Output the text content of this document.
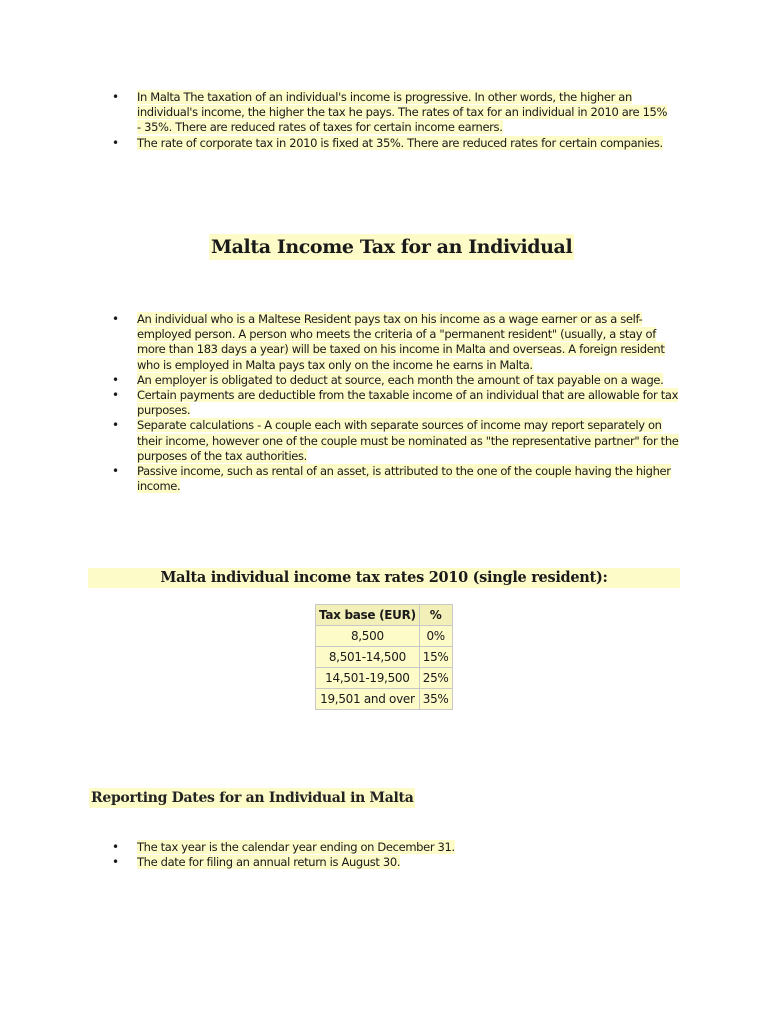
• In Malta The taxation of an individual's income is progressive. In other words, the higher an individual's income, the higher the tax he pays. The rates of tax for an individual in 2010 are 15% - 35%. There are reduced rates of taxes for certain income earners.
• The rate of corporate tax in 2010 is fixed at 35%. There are reduced rates for certain companies.
Malta Income Tax for an Individual
• An individual who is a Maltese Resident pays tax on his income as a wage earner or as a self-employed person. A person who meets the criteria of a "permanent resident" (usually, a stay of more than 183 days a year) will be taxed on his income in Malta and overseas. A foreign resident who is employed in Malta pays tax only on the income he earns in Malta.
• An employer is obligated to deduct at source, each month the amount of tax payable on a wage.
• Certain payments are deductible from the taxable income of an individual that are allowable for tax purposes.
• Separate calculations - A couple each with separate sources of income may report separately on their income, however one of the couple must be nominated as "the representative partner" for the purposes of the tax authorities.
• Passive income, such as rental of an asset, is attributed to the one of the couple having the higher income.
Malta individual income tax rates 2010 (single resident):
Tax base (EUR)	%
8,500	0%
8,501-14,500	15%
14,501-19,500	25%
19,501 and over	35%
Reporting Dates for an Individual in Malta
• The tax year is the calendar year ending on December 31.
• The date for filing an annual return is August 30.
